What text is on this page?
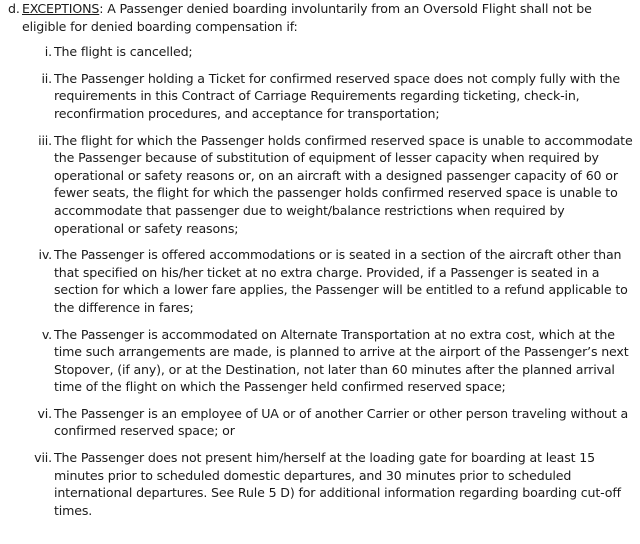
d. EXCEPTIONS: A Passenger denied boarding involuntarily from an Oversold Flight shall not be eligible for denied boarding compensation if:

i. The flight is cancelled;
ii. The Passenger holding a Ticket for confirmed reserved space does not comply fully with the requirements in this Contract of Carriage Requirements regarding ticketing, check-in, reconfirmation procedures, and acceptance for transportation;
iii. The flight for which the Passenger holds confirmed reserved space is unable to accommodate the Passenger because of substitution of equipment of lesser capacity when required by operational or safety reasons or, on an aircraft with a designed passenger capacity of 60 or fewer seats, the flight for which the passenger holds confirmed reserved space is unable to accommodate that passenger due to weight/balance restrictions when required by operational or safety reasons;
iv. The Passenger is offered accommodations or is seated in a section of the aircraft other than that specified on his/her ticket at no extra charge. Provided, if a Passenger is seated in a section for which a lower fare applies, the Passenger will be entitled to a refund applicable to the difference in fares;
v. The Passenger is accommodated on Alternate Transportation at no extra cost, which at the time such arrangements are made, is planned to arrive at the airport of the Passenger’s next Stopover, (if any), or at the Destination, not later than 60 minutes after the planned arrival time of the flight on which the Passenger held confirmed reserved space;
vi. The Passenger is an employee of UA or of another Carrier or other person traveling without a confirmed reserved space; or
vii. The Passenger does not present him/herself at the loading gate for boarding at least 15 minutes prior to scheduled domestic departures, and 30 minutes prior to scheduled international departures. See Rule 5 D) for additional information regarding boarding cut-off times.
